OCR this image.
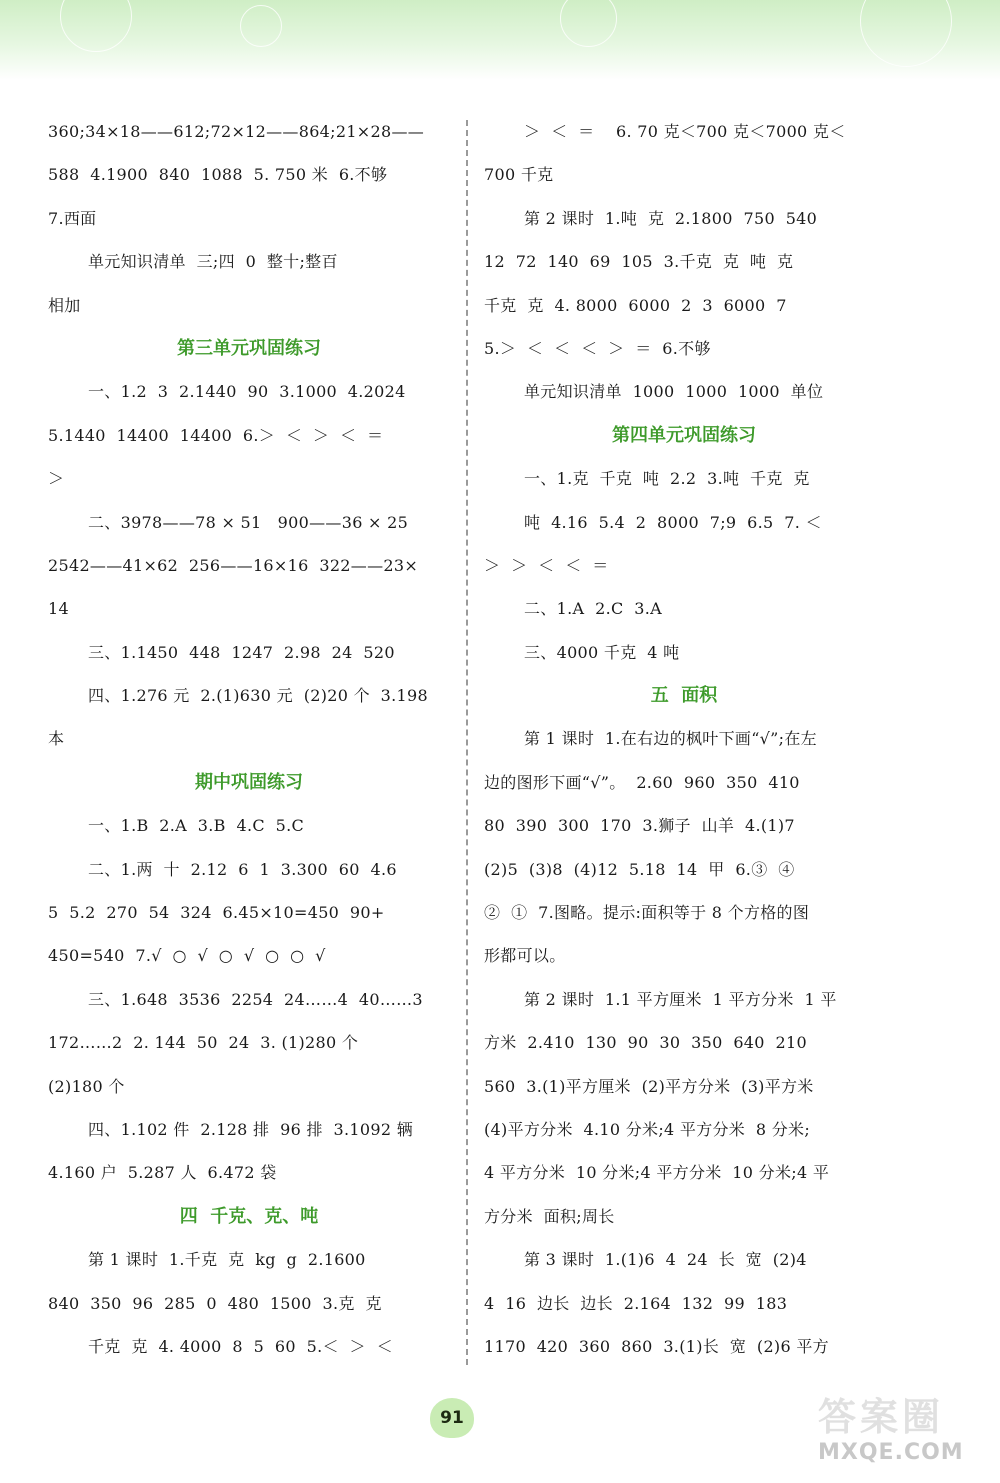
360;34×18——612;72×12——864;21×28——
588  4.1900  840  1088  5. 750 米  6.不够
7.西面
单元知识清单  三;四  0  整十;整百
相加
第三单元巩固练习
一、1.2  3  2.1440  90  3.1000  4.2024
5.1440  14400  14400  6.＞  ＜  ＞  ＜  ＝
＞
二、3978——78 × 51   900——36 × 25
2542——41×62  256——16×16  322——23×
14
三、1.1450  448  1247  2.98  24  520
四、1.276 元  2.(1)630 元  (2)20 个  3.198
本
期中巩固练习
一、1.B  2.A  3.B  4.C  5.C
二、1.两  十  2.12  6  1  3.300  60  4.6
5  5.2  270  54  324  6.45×10=450  90+
450=540  7.√  ○  √  ○  √  ○  ○  √
三、1.648  3536  2254  24……4  40……3
172……2  2. 144  50  24  3. (1)280 个
(2)180 个
四、1.102 件  2.128 排  96 排  3.1092 辆
4.160 户  5.287 人  6.472 袋
四  千克、克、吨
第 1 课时  1.千克  克  kg  g  2.1600
840  350  96  285  0  480  1500  3.克  克
千克  克  4. 4000  8  5  60  5.＜  ＞  ＜
＞  ＜  ＝    6. 70 克＜700 克＜7000 克＜
700 千克
第 2 课时  1.吨  克  2.1800  750  540
12  72  140  69  105  3.千克  克  吨  克
千克  克  4. 8000  6000  2  3  6000  7
5.＞  ＜  ＜  ＜  ＞  ＝  6.不够
单元知识清单  1000  1000  1000  单位
第四单元巩固练习
一、1.克  千克  吨  2.2  3.吨  千克  克
吨  4.16  5.4  2  8000  7;9  6.5  7. ＜
＞  ＞  ＜  ＜  ＝
二、1.A  2.C  3.A
三、4000 千克  4 吨
五  面积
第 1 课时  1.在右边的枫叶下画“√”;在左
边的图形下画“√”。  2.60  960  350  410
80  390  300  170  3.狮子  山羊  4.(1)7
(2)5  (3)8  (4)12  5.18  14  甲  6.③  ④
②  ①  7.图略。提示:面积等于 8 个方格的图
形都可以。
第 2 课时  1.1 平方厘米  1 平方分米  1 平
方米  2.410  130  90  30  350  640  210
560  3.(1)平方厘米  (2)平方分米  (3)平方米
(4)平方分米  4.10 分米;4 平方分米  8 分米;
4 平方分米  10 分米;4 平方分米  10 分米;4 平
方分米  面积;周长
第 3 课时  1.(1)6  4  24  长  宽  (2)4
4  16  边长  边长  2.164  132  99  183
1170  420  360  860  3.(1)长  宽  (2)6 平方
91	答案圈
MXQE.COM
